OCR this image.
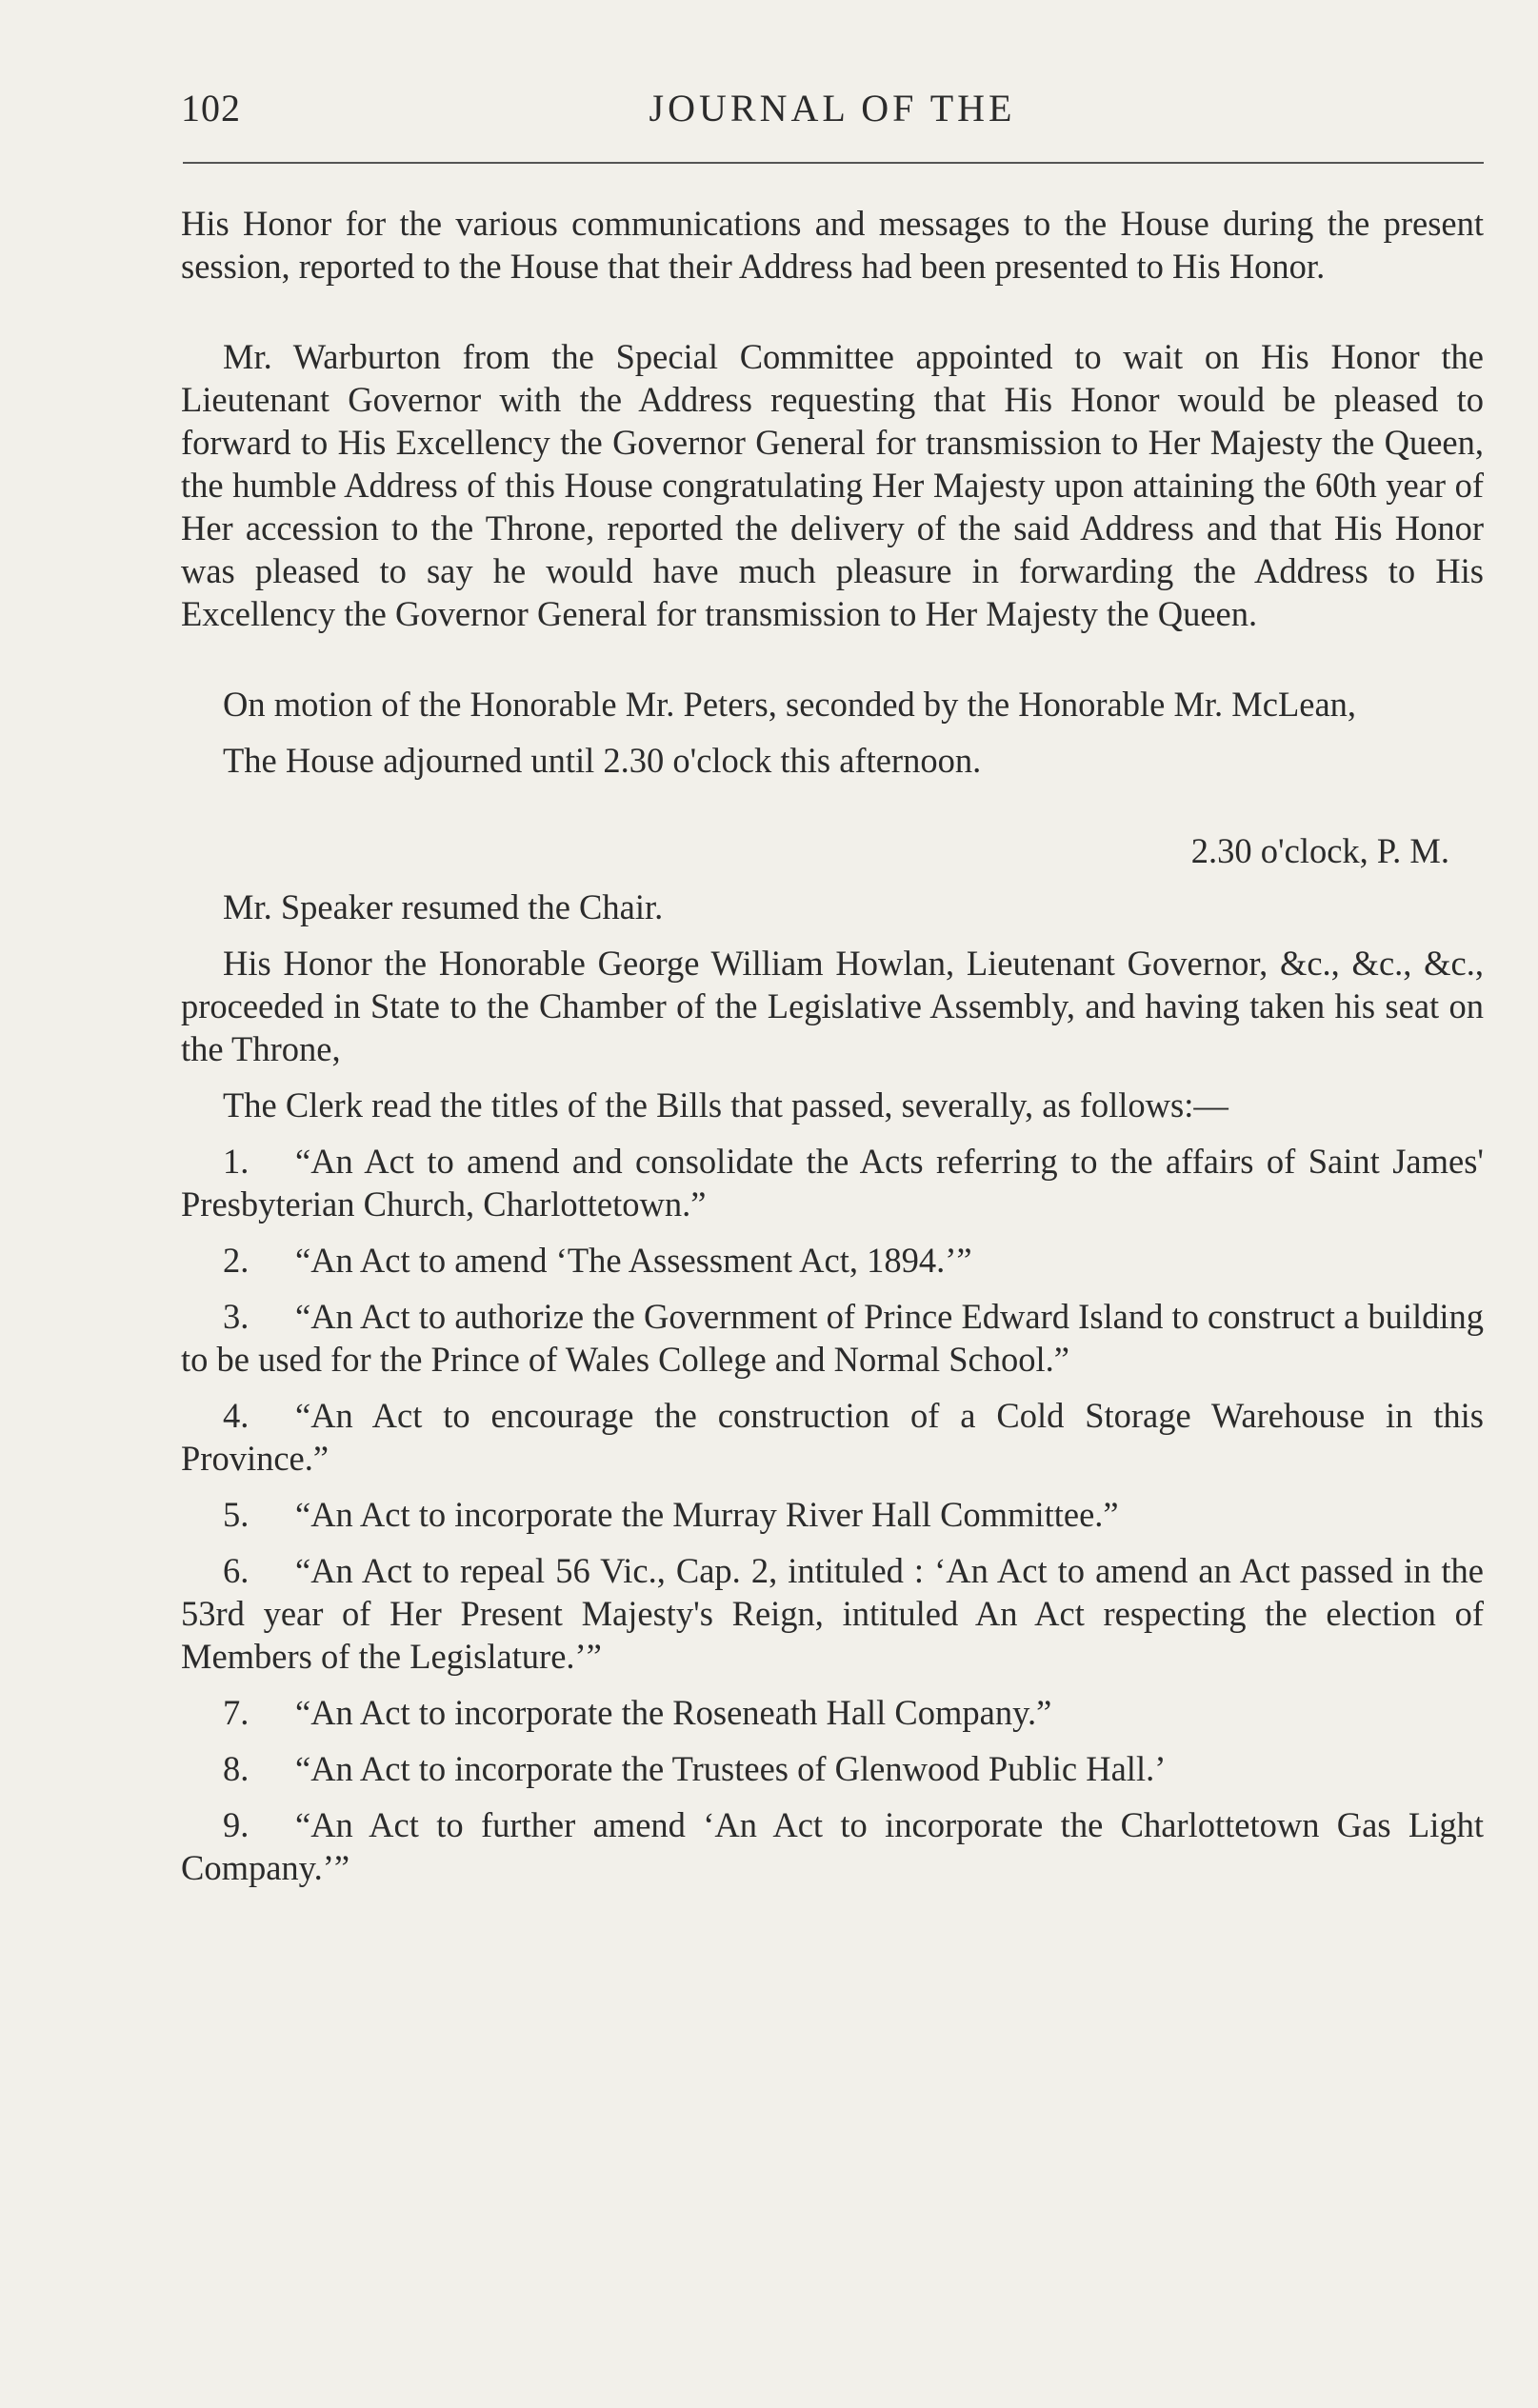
102	JOURNAL OF THE

His Honor for the various communications and messages to the House during the present session, reported to the House that their Address had been presented to His Honor.

Mr. Warburton from the Special Committee appointed to wait on His Honor the Lieutenant Governor with the Address requesting that His Honor would be pleased to forward to His Excellency the Governor General for transmission to Her Majesty the Queen, the humble Address of this House congratulating Her Majesty upon attaining the 60th year of Her accession to the Throne, reported the delivery of the said Address and that His Honor was pleased to say he would have much pleasure in forwarding the Address to His Excellency the Governor General for transmission to Her Majesty the Queen.

On motion of the Honorable Mr. Peters, seconded by the Honorable Mr. McLean,

The House adjourned until 2.30 o'clock this afternoon.

2.30 o'clock, P. M.

Mr. Speaker resumed the Chair.

His Honor the Honorable George William Howlan, Lieutenant Governor, &c., &c., &c., proceeded in State to the Chamber of the Legislative Assembly, and having taken his seat on the Throne,

The Clerk read the titles of the Bills that passed, severally, as follows:—

1. “An Act to amend and consolidate the Acts referring to the affairs of Saint James' Presbyterian Church, Charlottetown.”

2. “An Act to amend ‘The Assessment Act, 1894.’”

3. “An Act to authorize the Government of Prince Edward Island to construct a building to be used for the Prince of Wales College and Normal School.”

4. “An Act to encourage the construction of a Cold Storage Warehouse in this Province.”

5. “An Act to incorporate the Murray River Hall Committee.”

6. “An Act to repeal 56 Vic., Cap. 2, intituled : ‘An Act to amend an Act passed in the 53rd year of Her Present Majesty's Reign, intituled An Act respecting the election of Members of the Legislature.’”

7. “An Act to incorporate the Roseneath Hall Company.”

8. “An Act to incorporate the Trustees of Glenwood Public Hall.’

9. “An Act to further amend ‘An Act to incorporate the Charlottetown Gas Light Company.’”
